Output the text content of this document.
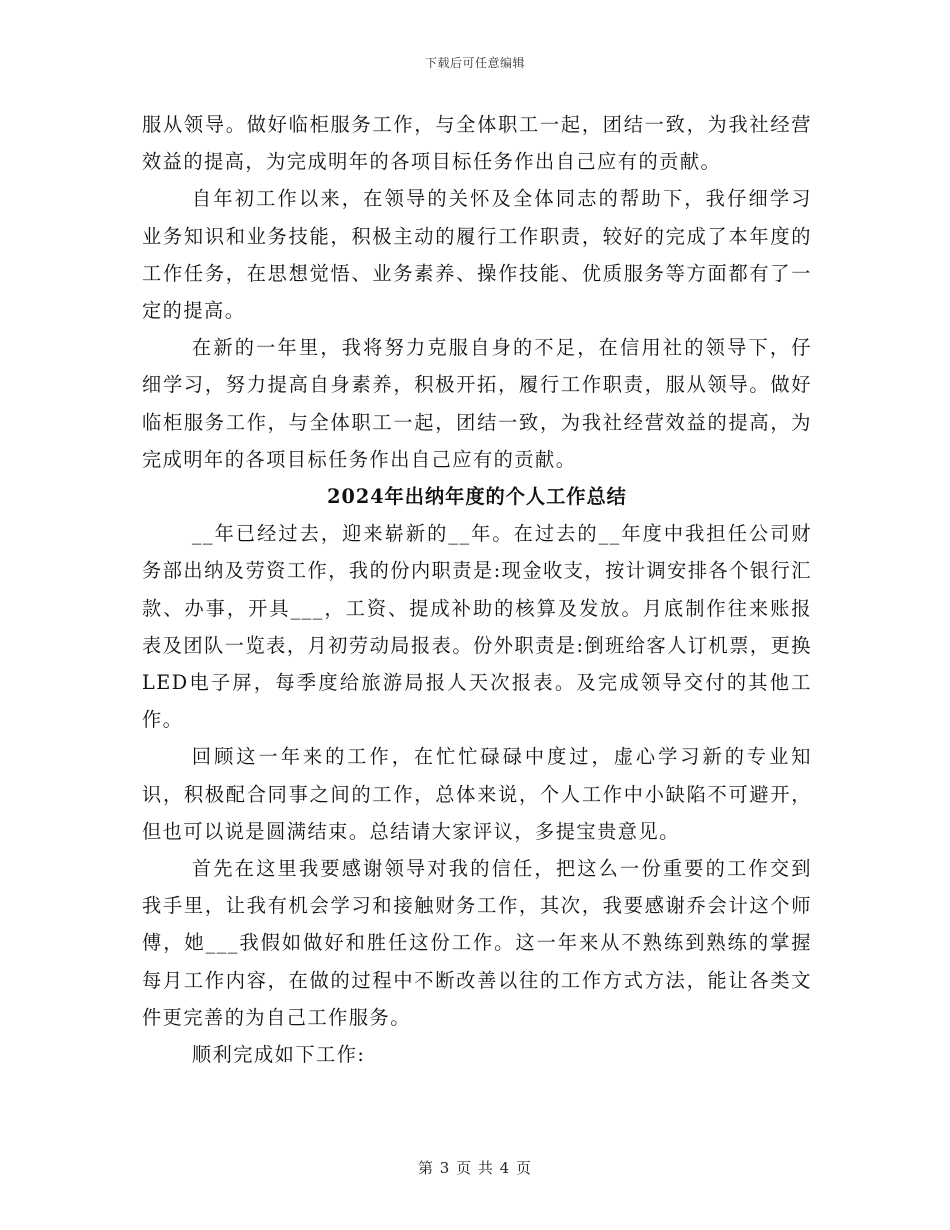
下载后可任意编辑

服从领导。做好临柜服务工作，与全体职工一起，团结一致，为我社经营效益的提高，为完成明年的各项目标任务作出自己应有的贡献。

自年初工作以来，在领导的关怀及全体同志的帮助下，我仔细学习业务知识和业务技能，积极主动的履行工作职责，较好的完成了本年度的工作任务，在思想觉悟、业务素养、操作技能、优质服务等方面都有了一定的提高。

在新的一年里，我将努力克服自身的不足，在信用社的领导下，仔细学习，努力提高自身素养，积极开拓，履行工作职责，服从领导。做好临柜服务工作，与全体职工一起，团结一致，为我社经营效益的提高，为完成明年的各项目标任务作出自己应有的贡献。

2024年出纳年度的个人工作总结

__年已经过去，迎来崭新的__年。在过去的__年度中我担任公司财务部出纳及劳资工作，我的份内职责是:现金收支，按计调安排各个银行汇款、办事，开具___，工资、提成补助的核算及发放。月底制作往来账报表及团队一览表，月初劳动局报表。份外职责是:倒班给客人订机票，更换LED电子屏，每季度给旅游局报人天次报表。及完成领导交付的其他工作。

回顾这一年来的工作，在忙忙碌碌中度过，虚心学习新的专业知识，积极配合同事之间的工作，总体来说，个人工作中小缺陷不可避开，但也可以说是圆满结束。总结请大家评议，多提宝贵意见。

首先在这里我要感谢领导对我的信任，把这么一份重要的工作交到我手里，让我有机会学习和接触财务工作，其次，我要感谢乔会计这个师傅，她___我假如做好和胜任这份工作。这一年来从不熟练到熟练的掌握每月工作内容，在做的过程中不断改善以往的工作方式方法，能让各类文件更完善的为自己工作服务。

顺利完成如下工作:

第 3 页 共 4 页
